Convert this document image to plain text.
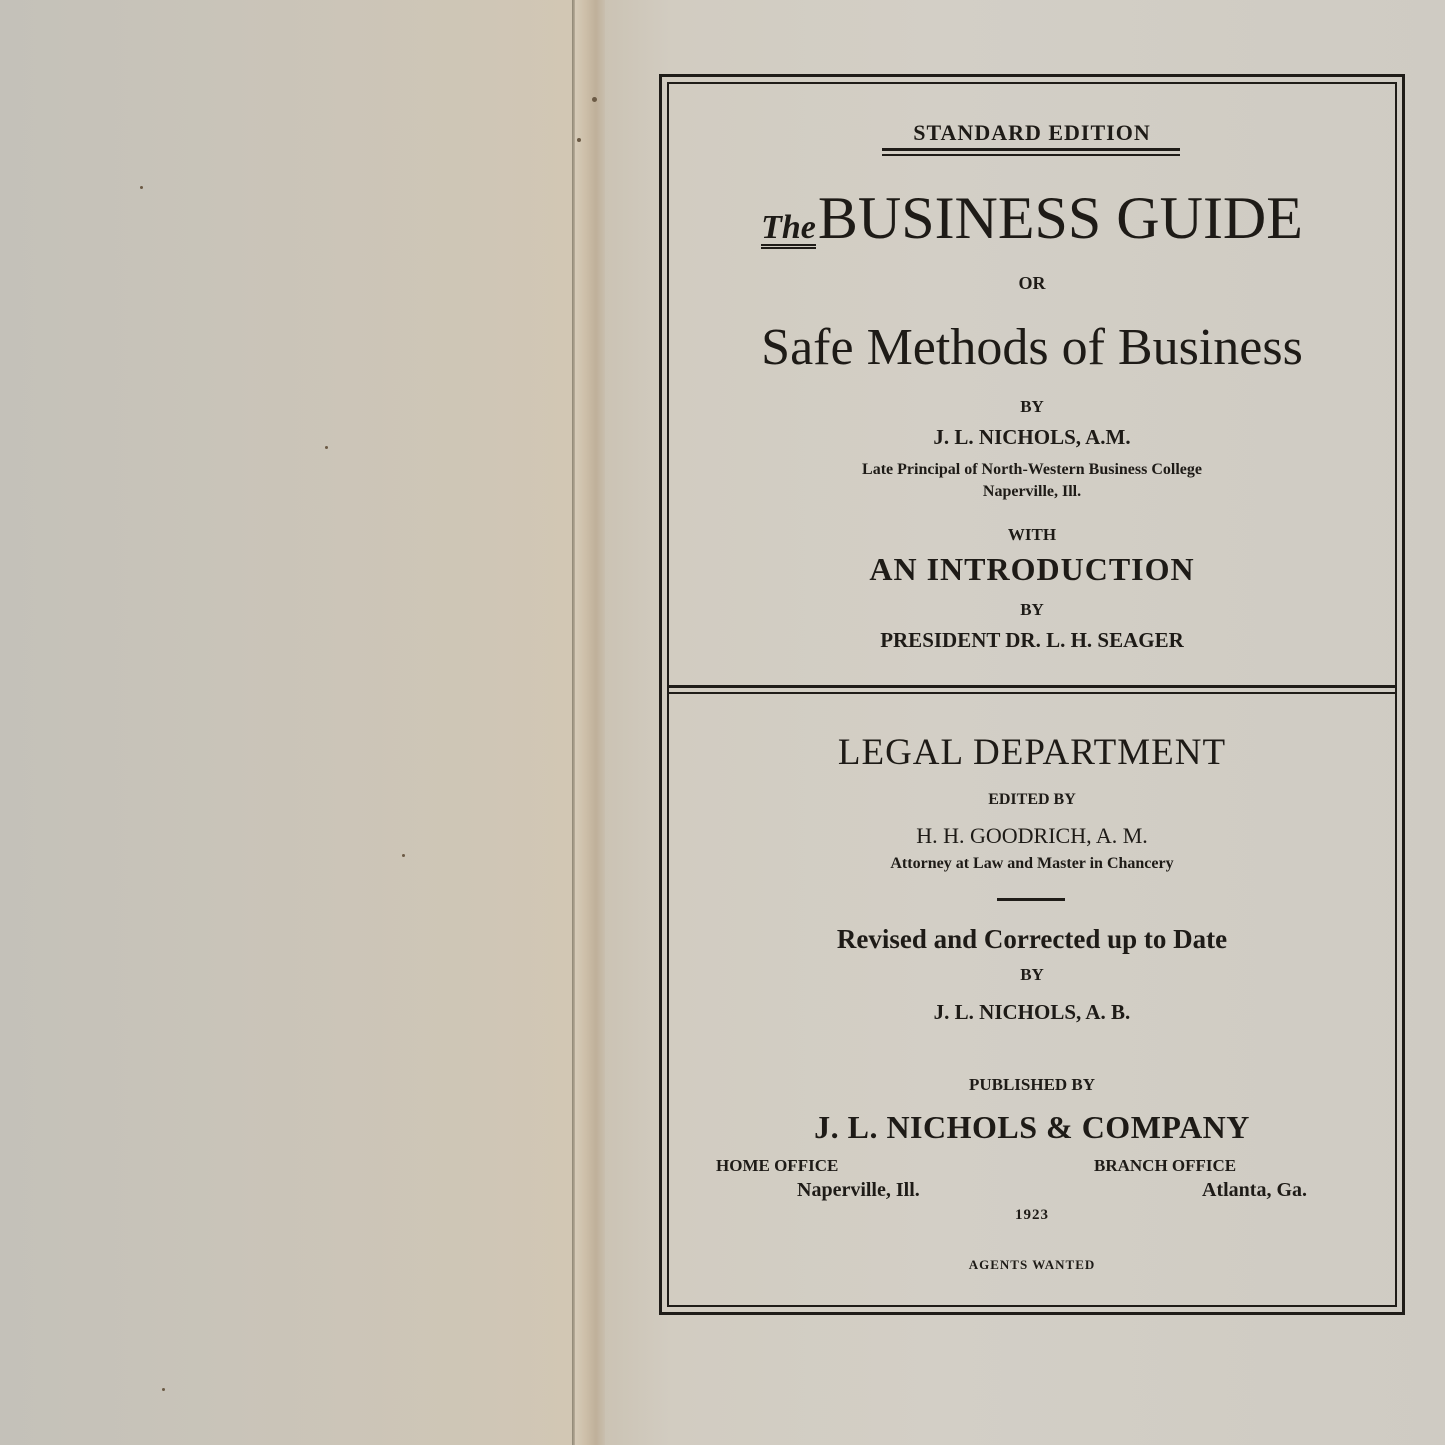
STANDARD EDITION
TheBUSINESS GUIDE
OR
Safe Methods of Business
BY
J. L. NICHOLS, A.M.
Late Principal of North-Western Business College
Naperville, Ill.
WITH
AN INTRODUCTION
BY
PRESIDENT DR. L. H. SEAGER
LEGAL DEPARTMENT
EDITED BY
H. H. GOODRICH, A. M.
Attorney at Law and Master in Chancery
Revised and Corrected up to Date
BY
J. L. NICHOLS, A. B.
PUBLISHED BY
J. L. NICHOLS & COMPANY
HOME OFFICE
Naperville, Ill.
BRANCH OFFICE
Atlanta, Ga.
1923
AGENTS WANTED
